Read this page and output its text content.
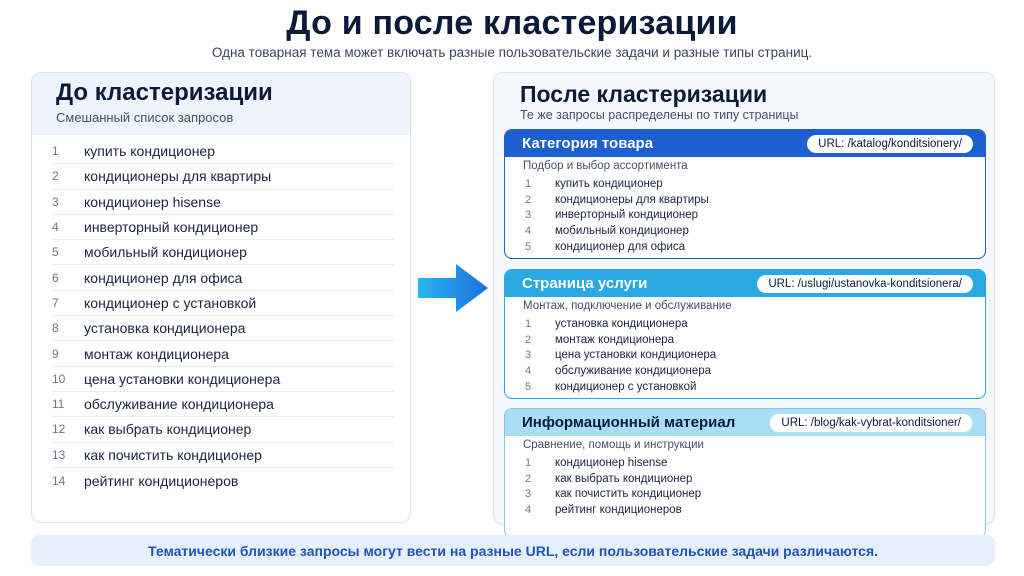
До и после кластеризации
Одна товарная тема может включать разные пользовательские задачи и разные типы страниц.
До кластеризации
Смешанный список запросов
1	купить кондиционер
2	кондиционеры для квартиры
3	кондиционер hisense
4	инверторный кондиционер
5	мобильный кондиционер
6	кондиционер для офиса
7	кондиционер с установкой
8	установка кондиционера
9	монтаж кондиционера
10	цена установки кондиционера
11	обслуживание кондиционера
12	как выбрать кондиционер
13	как почистить кондиционер
14	рейтинг кондиционеров
После кластеризации
Те же запросы распределены по типу страницы
Категория товара	URL: /katalog/konditsionery/
Подбор и выбор ассортимента
1	купить кондиционер
2	кондиционеры для квартиры
3	инверторный кондиционер
4	мобильный кондиционер
5	кондиционер для офиса
Страница услуги	URL: /uslugi/ustanovka-konditsionera/
Монтаж, подключение и обслуживание
1	установка кондиционера
2	монтаж кондиционера
3	цена установки кондиционера
4	обслуживание кондиционера
5	кондиционер с установкой
Информационный материал	URL: /blog/kak-vybrat-konditsioner/
Сравнение, помощь и инструкции
1	кондиционер hisense
2	как выбрать кондиционер
3	как почистить кондиционер
4	рейтинг кондиционеров
Тематически близкие запросы могут вести на разные URL, если пользовательские задачи различаются.
